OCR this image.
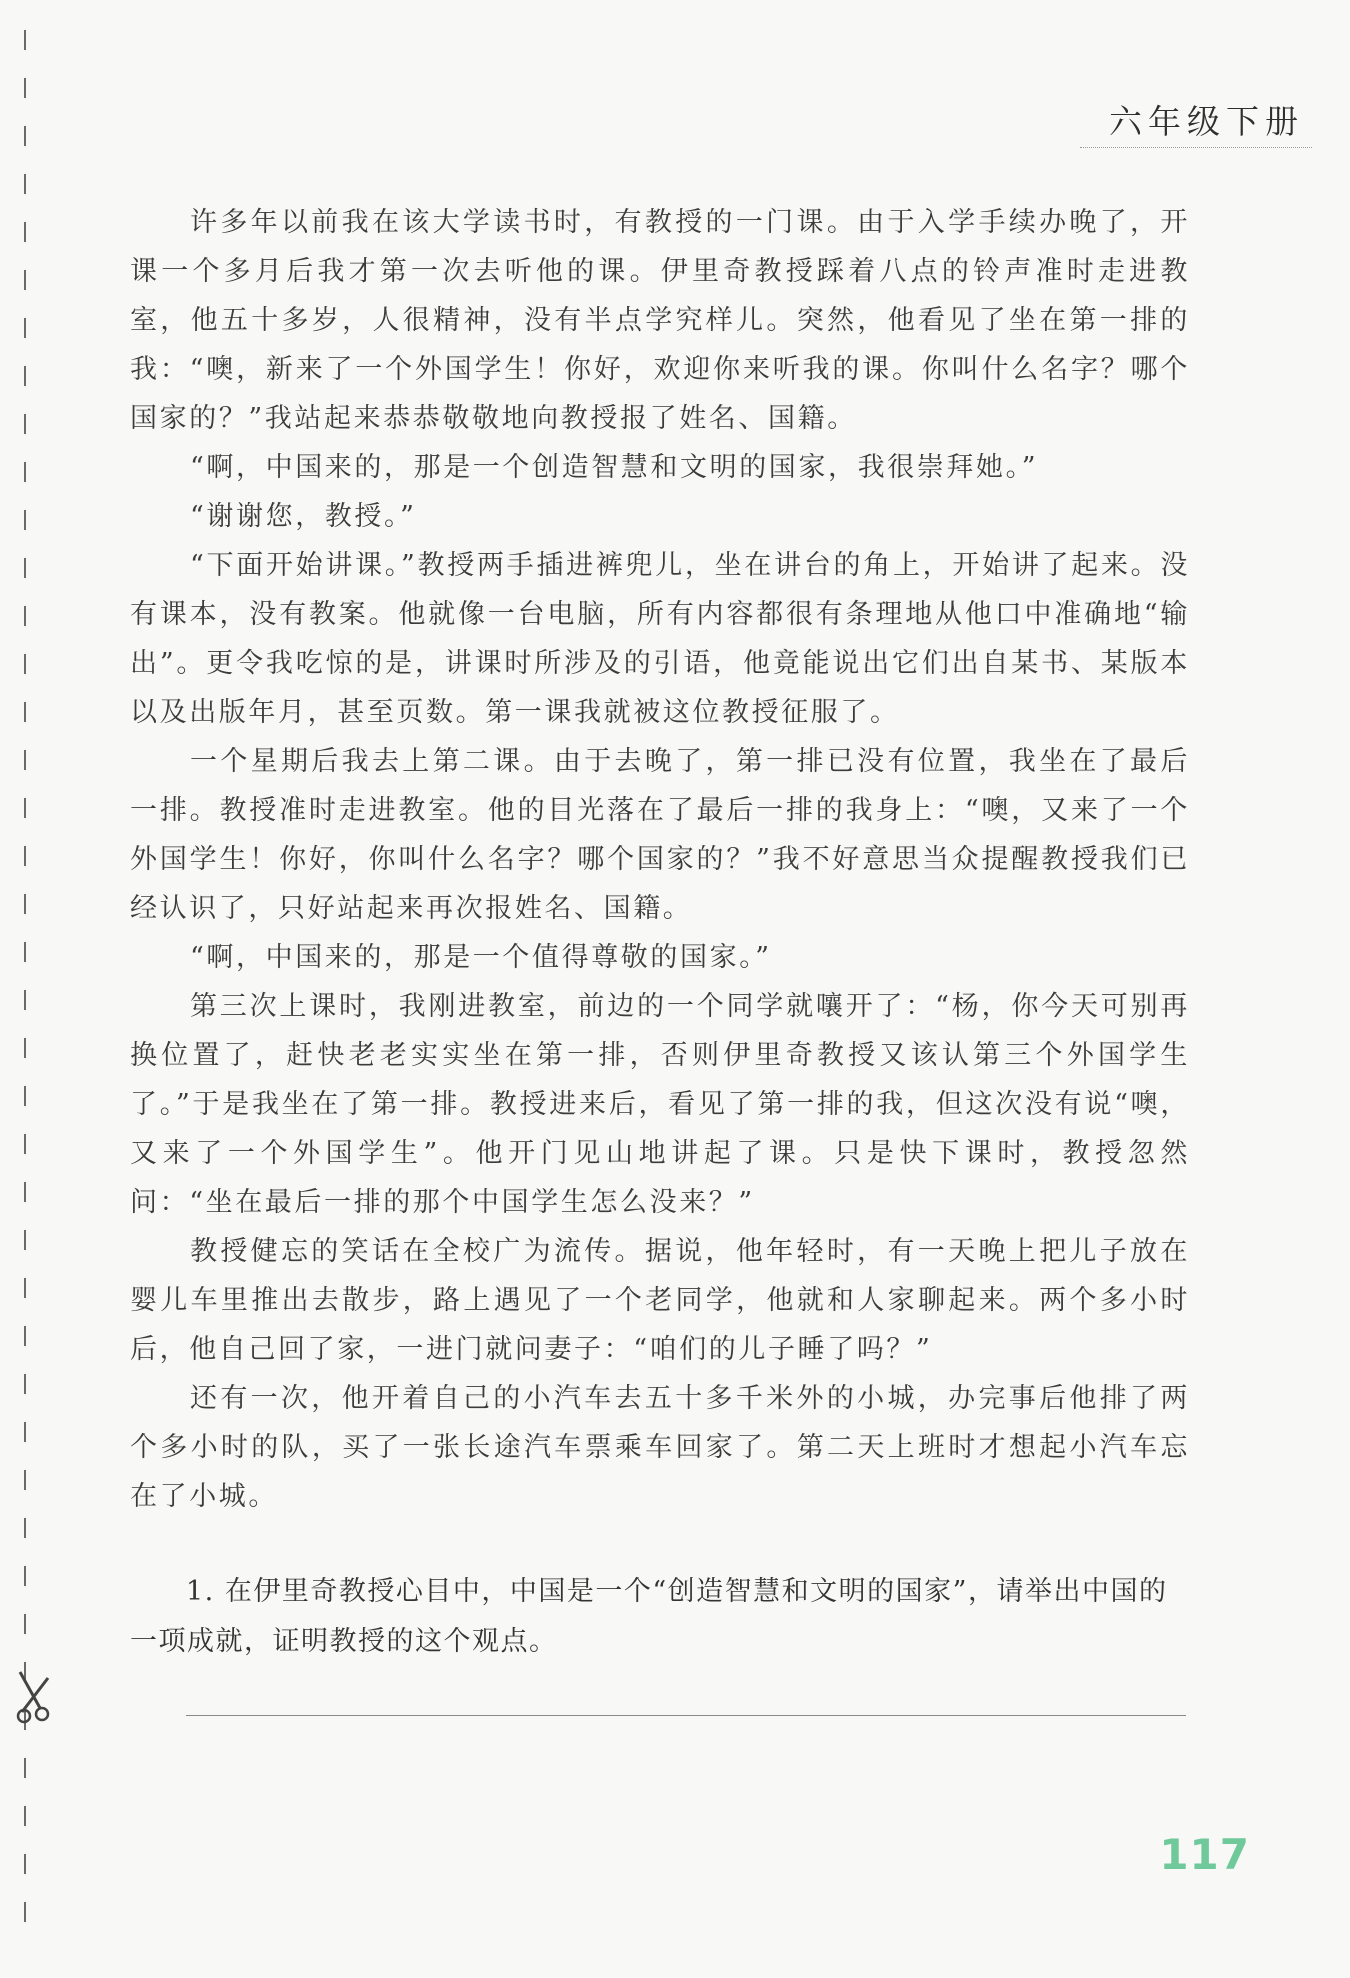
六年级下册

许多年以前我在该大学读书时，有教授的一门课。由于入学手续办晚了，开课一个多月后我才第一次去听他的课。伊里奇教授踩着八点的铃声准时走进教室，他五十多岁，人很精神，没有半点学究样儿。突然，他看见了坐在第一排的我：“噢，新来了一个外国学生！你好，欢迎你来听我的课。你叫什么名字？哪个国家的？”我站起来恭恭敬敬地向教授报了姓名、国籍。

“啊，中国来的，那是一个创造智慧和文明的国家，我很崇拜她。”

“谢谢您，教授。”

“下面开始讲课。”教授两手插进裤兜儿，坐在讲台的角上，开始讲了起来。没有课本，没有教案。他就像一台电脑，所有内容都很有条理地从他口中准确地“输出”。更令我吃惊的是，讲课时所涉及的引语，他竟能说出它们出自某书、某版本以及出版年月，甚至页数。第一课我就被这位教授征服了。

一个星期后我去上第二课。由于去晚了，第一排已没有位置，我坐在了最后一排。教授准时走进教室。他的目光落在了最后一排的我身上：“噢，又来了一个外国学生！你好，你叫什么名字？哪个国家的？”我不好意思当众提醒教授我们已经认识了，只好站起来再次报姓名、国籍。

“啊，中国来的，那是一个值得尊敬的国家。”

第三次上课时，我刚进教室，前边的一个同学就嚷开了：“杨，你今天可别再换位置了，赶快老老实实坐在第一排，否则伊里奇教授又该认第三个外国学生了。”于是我坐在了第一排。教授进来后，看见了第一排的我，但这次没有说“噢，又来了一个外国学生”。他开门见山地讲起了课。只是快下课时，教授忽然问：“坐在最后一排的那个中国学生怎么没来？”

教授健忘的笑话在全校广为流传。据说，他年轻时，有一天晚上把儿子放在婴儿车里推出去散步，路上遇见了一个老同学，他就和人家聊起来。两个多小时后，他自己回了家，一进门就问妻子：“咱们的儿子睡了吗？”

还有一次，他开着自己的小汽车去五十多千米外的小城，办完事后他排了两个多小时的队，买了一张长途汽车票乘车回家了。第二天上班时才想起小汽车忘在了小城。

1. 在伊里奇教授心目中，中国是一个“创造智慧和文明的国家”，请举出中国的一项成就，证明教授的这个观点。

117
